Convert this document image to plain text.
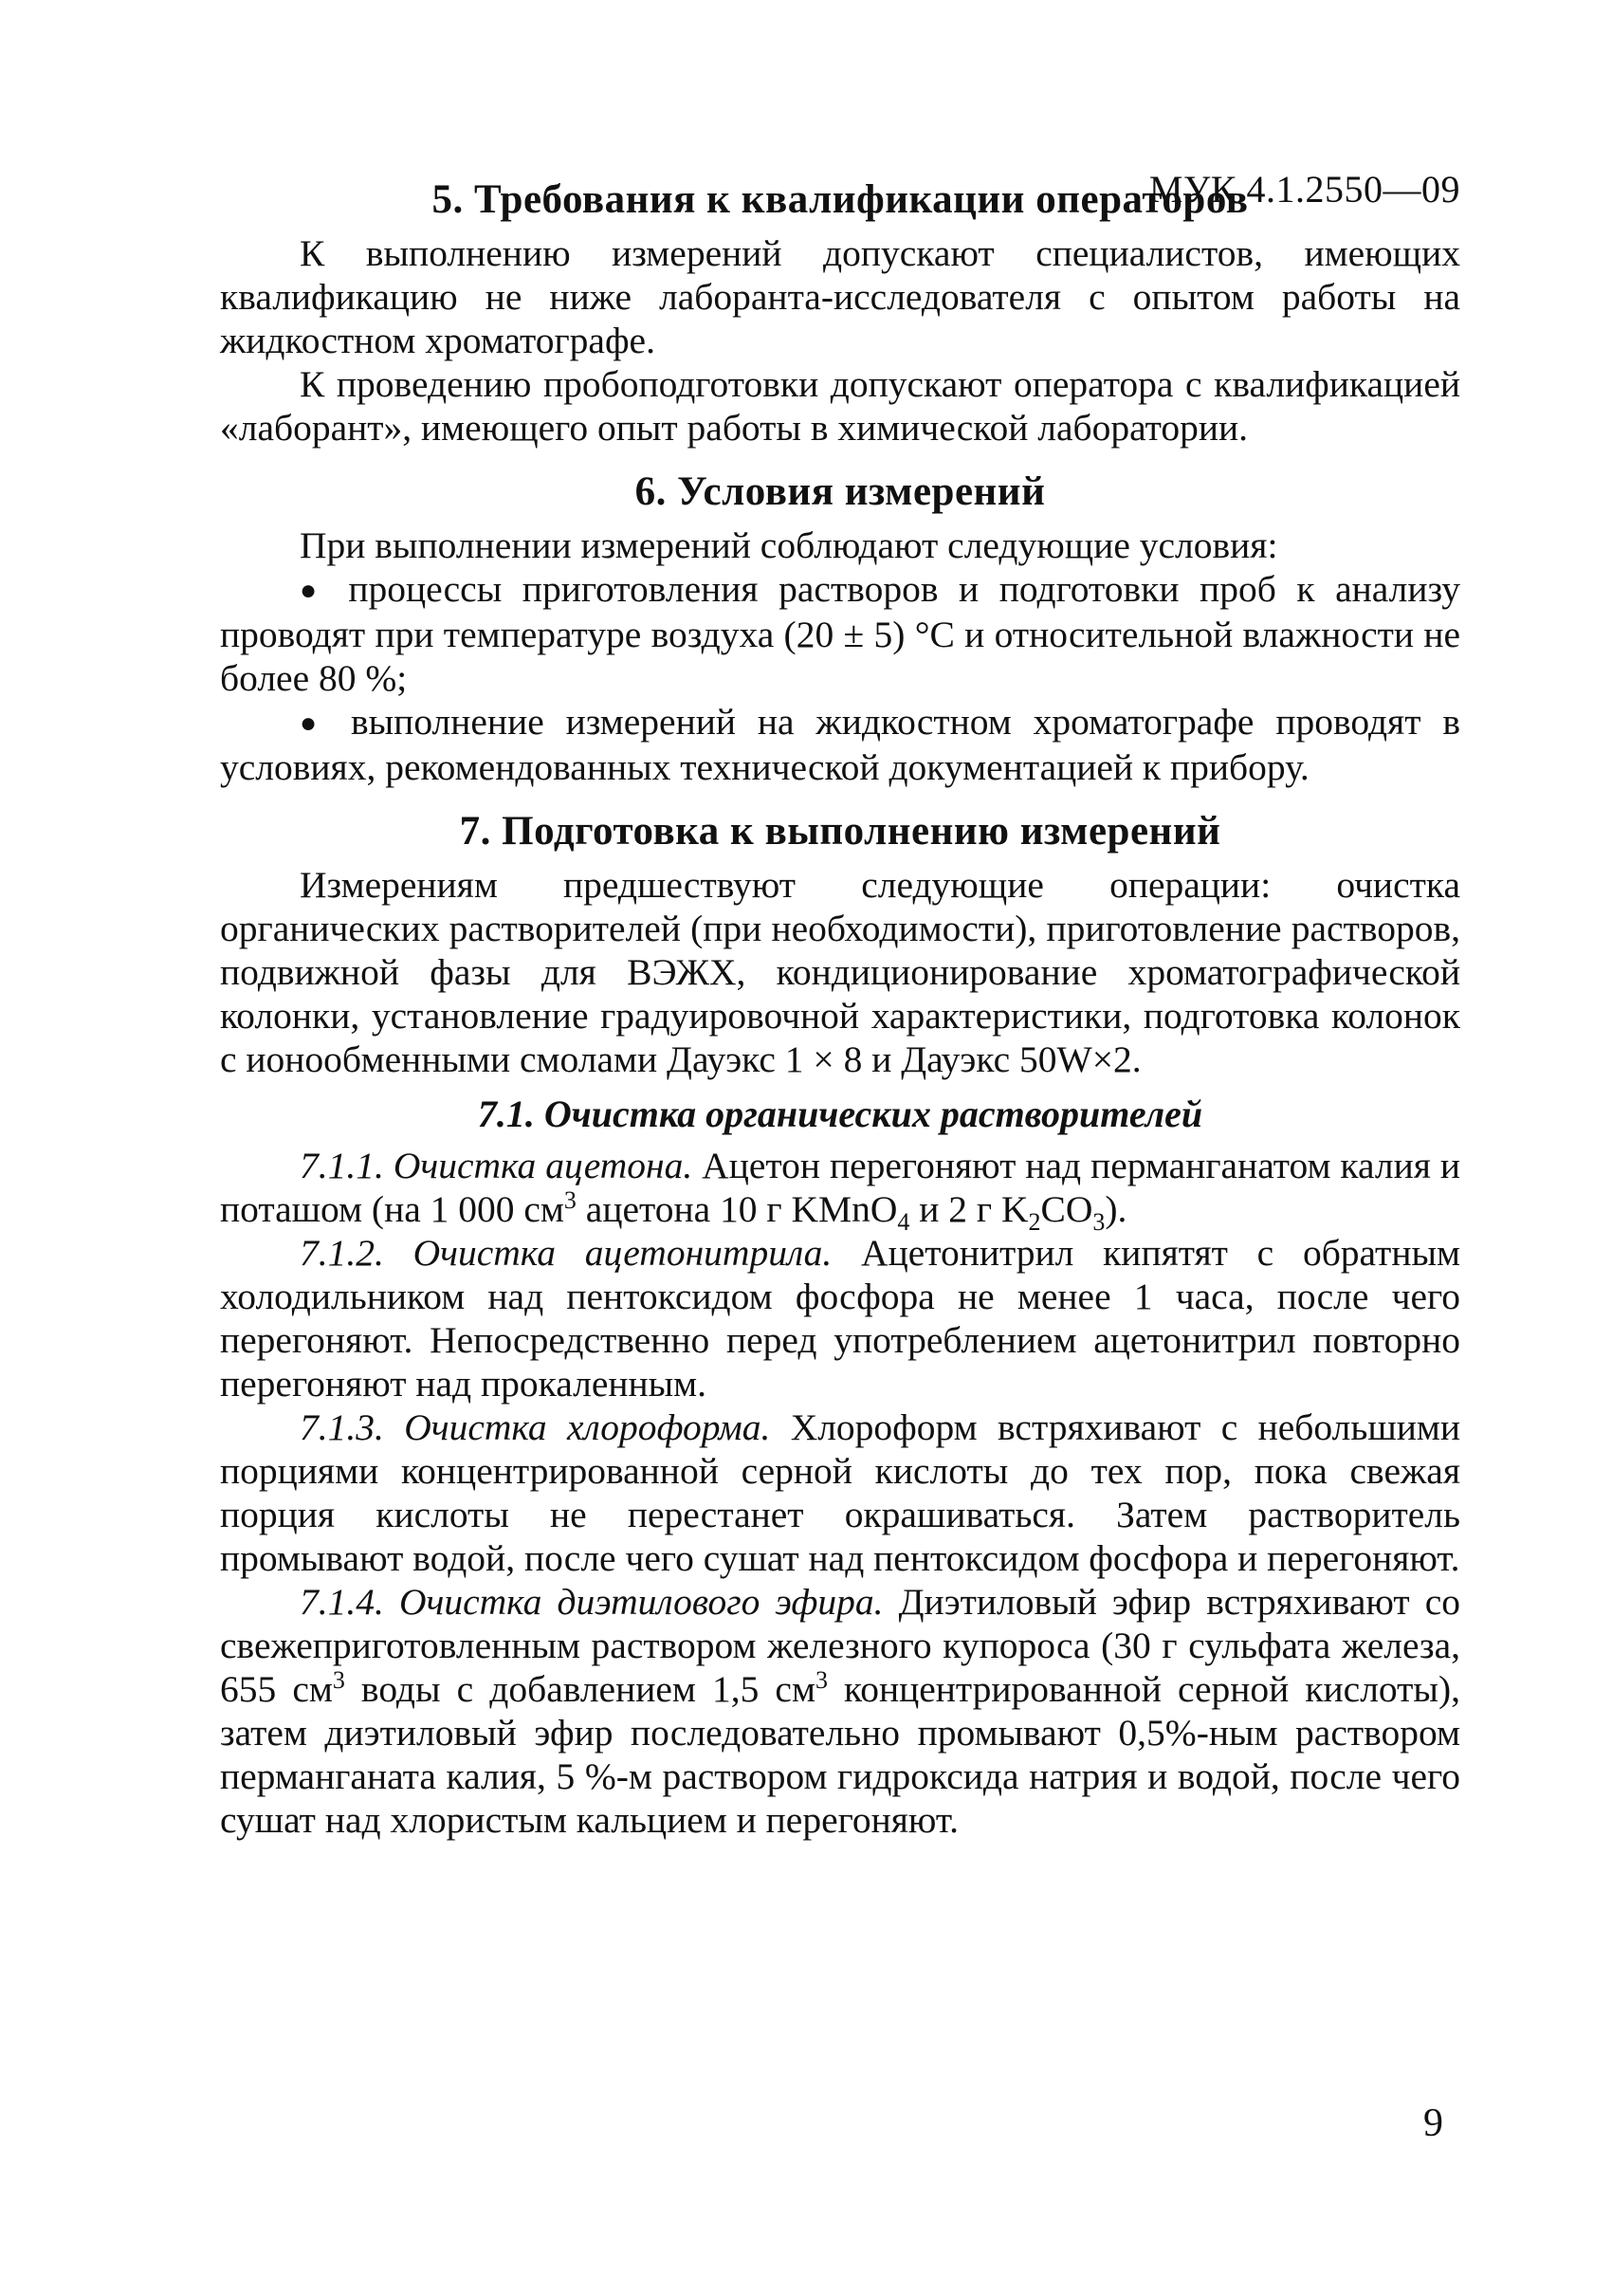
МУК 4.1.2550—09
5. Требования к квалификации операторов

К выполнению измерений допускают специалистов, имеющих квалификацию не ниже лаборанта-исследователя с опытом работы на жидкостном хроматографе.

К проведению пробоподготовки допускают оператора с квалификацией «лаборант», имеющего опыт работы в химической лаборатории.

6. Условия измерений

При выполнении измерений соблюдают следующие условия:

● процессы приготовления растворов и подготовки проб к анализу проводят при температуре воздуха (20 ± 5) °С и относительной влажности не более 80 %;

● выполнение измерений на жидкостном хроматографе проводят в условиях, рекомендованных технической документацией к прибору.

7. Подготовка к выполнению измерений

Измерениям предшествуют следующие операции: очистка органических растворителей (при необходимости), приготовление растворов, подвижной фазы для ВЭЖХ, кондиционирование хроматографической колонки, установление градуировочной характеристики, подготовка колонок с ионообменными смолами Дауэкс 1 × 8 и Дауэкс 50W×2.

7.1. Очистка органических растворителей

7.1.1. Очистка ацетона. Ацетон перегоняют над перманганатом калия и поташом (на 1 000 $см^3$ ацетона 10 г KMnO$_4$ и 2 г $K_2CO_3$).

7.1.2. Очистка ацетонитрила. Ацетонитрил кипятят с обратным холодильником над пентоксидом фосфора не менее 1 часа, после чего перегоняют. Непосредственно перед употреблением ацетонитрил повторно перегоняют над прокаленным.

7.1.3. Очистка хлороформа. Хлороформ встряхивают с небольшими порциями концентрированной серной кислоты до тех пор, пока свежая порция кислоты не перестанет окрашиваться. Затем растворитель промывают водой, после чего сушат над пентоксидом фосфора и перегоняют.

7.1.4. Очистка диэтилового эфира. Диэтиловый эфир встряхивают со свежеприготовленным раствором железного купороса (30 г сульфата железа, 655 $см^3$ воды с добавлением 1,5 $см^3$ концентрированной серной кислоты), затем диэтиловый эфир последовательно промывают 0,5%-ным раствором перманганата калия, 5 %-м раствором гидроксида натрия и водой, после чего сушат над хлористым кальцием и перегоняют.

9
